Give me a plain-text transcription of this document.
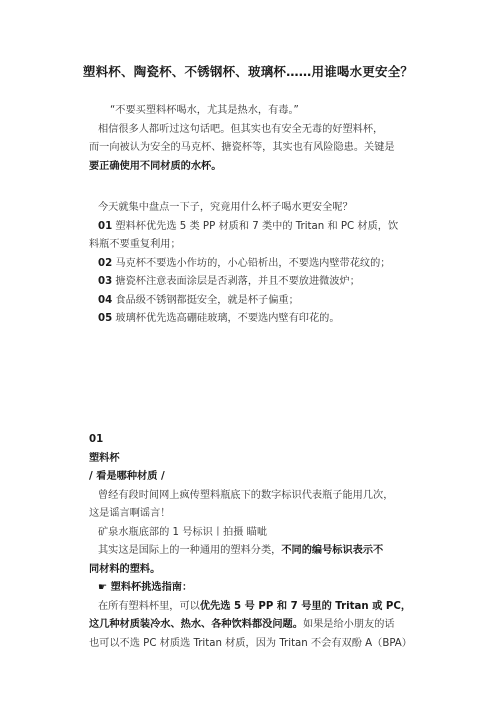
塑料杯、陶瓷杯、不锈钢杯、玻璃杯……用谁喝水更安全？
“不要买塑料杯喝水，尤其是热水，有毒。”
相信很多人都听过这句话吧。但其实也有安全无毒的好塑料杯，
而一向被认为安全的马克杯、搪瓷杯等，其实也有风险隐患。关键是
要正确使用不同材质的水杯。
今天就集中盘点一下子，究竟用什么杯子喝水更安全呢？
01 塑料杯优先选 5 类 PP 材质和 7 类中的 Tritan 和 PC 材质，饮
料瓶不要重复利用；
02 马克杯不要选小作坊的，小心铅析出，不要选内壁带花纹的；
03 搪瓷杯注意表面涂层是否剥落，并且不要放进微波炉；
04 食品级不锈钢都挺安全，就是杯子偏重；
05 玻璃杯优先选高硼硅玻璃，不要选内壁有印花的。
01
塑料杯
/ 看是哪种材质 /
曾经有段时间网上疯传塑料瓶底下的数字标识代表瓶子能用几次，
这是谣言啊谣言！
矿泉水瓶底部的 1 号标识丨拍摄 瞄呲
其实这是国际上的一种通用的塑料分类，不同的编号标识表示不
同材料的塑料。
☛ 塑料杯挑选指南：
在所有塑料杯里，可以优先选 5 号 PP 和 7 号里的 Tritan 或 PC，
这几种材质装冷水、热水、各种饮料都没问题。如果是给小朋友的话
也可以不选 PC 材质选 Tritan 材质，因为 Tritan 不会有双酚 A（BPA）
